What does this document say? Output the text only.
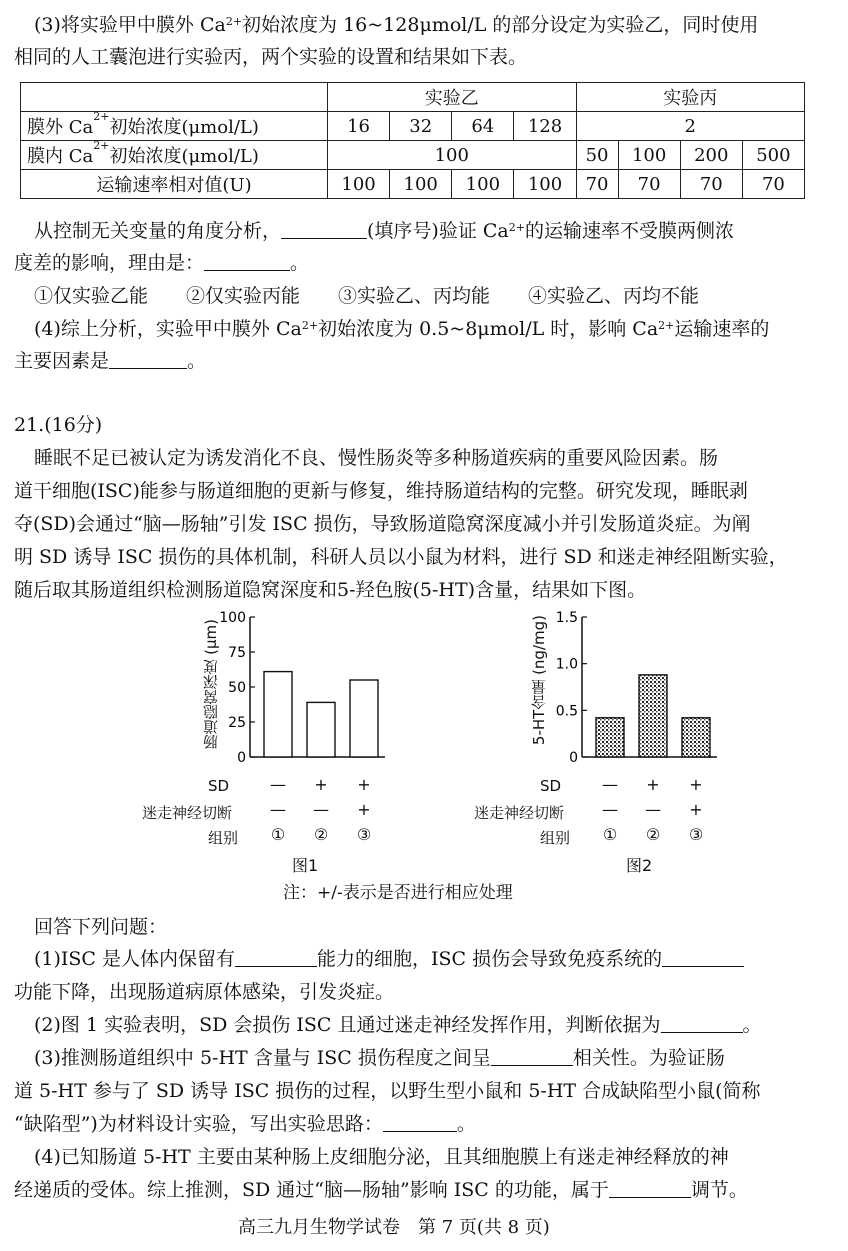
(3)将实验甲中膜外 $Ca^{2+}$初始浓度为 16~128μmol/L 的部分设定为实验乙，同时使用
相同的人工囊泡进行实验丙，两个实验的设置和结果如下表。
	实验乙				实验丙			
膜外 $Ca^{2+}$初始浓度(μmol/L)	16	32	64	128	2			
膜内 $Ca^{2+}$初始浓度(μmol/L)	100				50	100	200	500
运输速率相对值(U)	100	100	100	100	70	70	70	70
从控制无关变量的角度分析，	(填序号)验证 $Ca^{2+}$的运输速率不受膜两侧浓
度差的影响，理由是：	。
①仅实验乙能　　②仅实验丙能　　③实验乙、丙均能　　④实验乙、丙均不能
(4)综上分析，实验甲中膜外 $Ca^{2+}$初始浓度为 0.5~8μmol/L 时，影响 $Ca^{2+}$运输速率的
主要因素是	。
21.(16分)
睡眠不足已被认定为诱发消化不良、慢性肠炎等多种肠道疾病的重要风险因素。肠
道干细胞(ISC)能参与肠道细胞的更新与修复，维持肠道结构的完整。研究发现，睡眠剥
夺(SD)会通过“脑—肠轴”引发 ISC 损伤，导致肠道隐窝深度减小并引发肠道炎症。为阐
明 SD 诱导 ISC 损伤的具体机制，科研人员以小鼠为材料，进行 SD 和迷走神经阻断实验，
随后取其肠道组织检测肠道隐窝深度和5-羟色胺(5-HT)含量，结果如下图。
肠道隐窝深度 (μm)
0
25
50
75
100
SD
迷走神经切断
组别
图1
—
—
①
+
—
②
+
+
③
5-HT含量 (ng/mg)
0
0.5
1.0
1.5
SD
迷走神经切断
组别
图2
—
—
①
+
—
②
+
+
③
注：+/-表示是否进行相应处理
回答下列问题：
(1)ISC 是人体内保留有	能力的细胞，ISC 损伤会导致免疫系统的
功能下降，出现肠道病原体感染，引发炎症。
(2)图 1 实验表明，SD 会损伤 ISC 且通过迷走神经发挥作用，判断依据为	。
(3)推测肠道组织中 5-HT 含量与 ISC 损伤程度之间呈	相关性。为验证肠
道 5-HT 参与了 SD 诱导 ISC 损伤的过程，以野生型小鼠和 5-HT 合成缺陷型小鼠(简称
“缺陷型”)为材料设计实验，写出实验思路：	。
(4)已知肠道 5-HT 主要由某种肠上皮细胞分泌，且其细胞膜上有迷走神经释放的神
经递质的受体。综上推测，SD 通过“脑—肠轴”影响 ISC 的功能，属于	调节。
高三九月生物学试卷　第 7 页(共 8 页)
